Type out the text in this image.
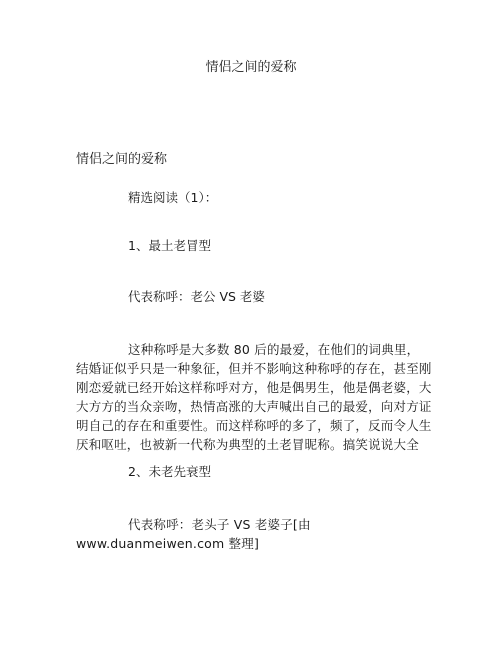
情侣之间的爱称
情侣之间的爱称
精选阅读（1）：
1、最土老冒型
代表称呼：老公 VS 老婆
这种称呼是大多数 80 后的最爱，在他们的词典里，结婚证似乎只是一种象征，但并不影响这种称呼的存在，甚至刚刚恋爱就已经开始这样称呼对方，他是偶男生，他是偶老婆，大大方方的当众亲吻，热情高涨的大声喊出自己的最爱，向对方证明自己的存在和重要性。而这样称呼的多了，频了，反而令人生厌和呕吐，也被新一代称为典型的土老冒昵称。搞笑说说大全
2、未老先衰型
代表称呼：老头子 VS 老婆子[由 www.duanmeiwen.com 整理]
